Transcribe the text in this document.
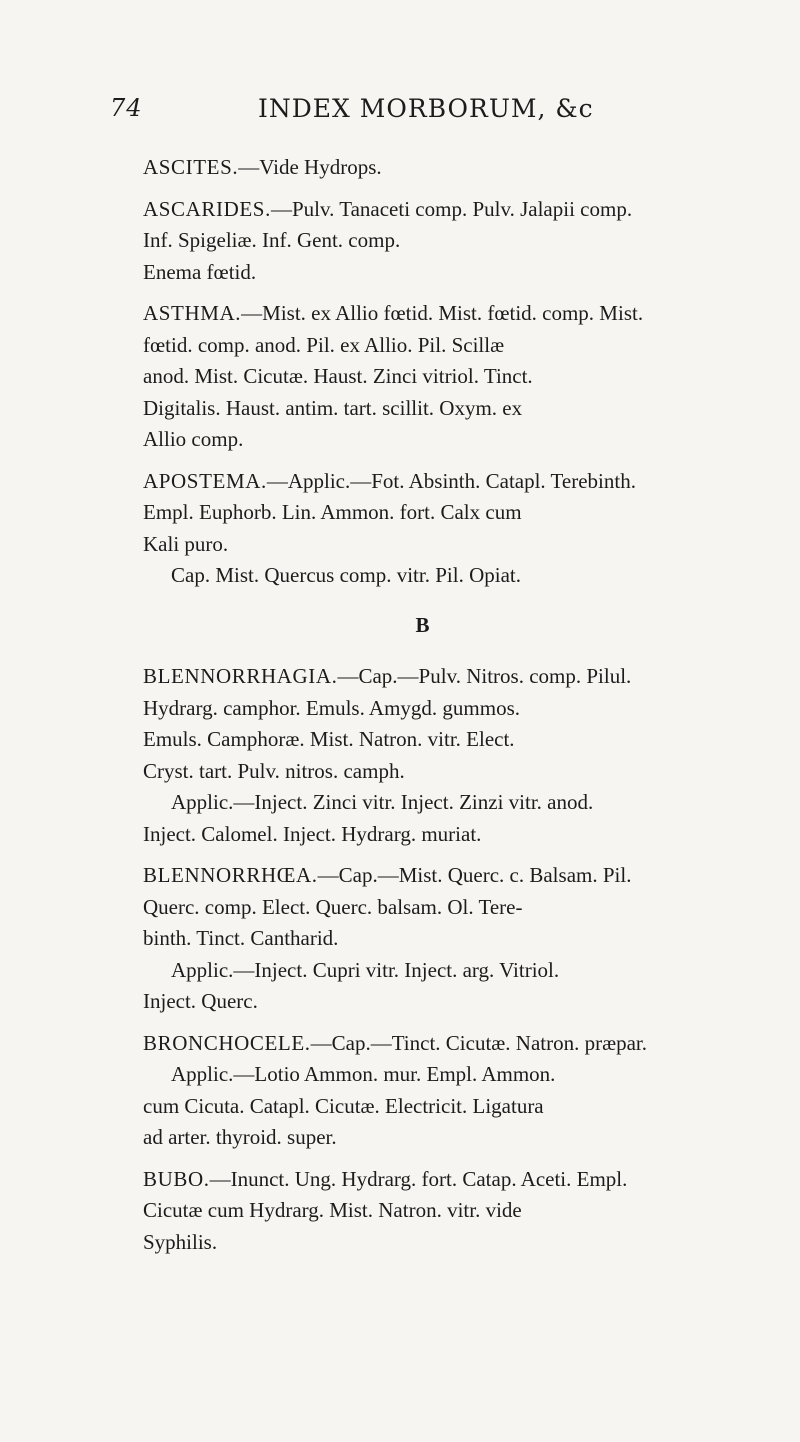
74	INDEX MORBORUM, &c
ASCITES.—Vide Hydrops.
ASCARIDES.—Pulv. Tanaceti comp. Pulv. Jalapii comp.
Inf. Spigeliæ. Inf. Gent. comp.
Enema fœtid.
ASTHMA.—Mist. ex Allio fœtid. Mist. fœtid. comp. Mist.
fœtid. comp. anod. Pil. ex Allio. Pil. Scillæ
anod. Mist. Cicutæ. Haust. Zinci vitriol. Tinct.
Digitalis. Haust. antim. tart. scillit. Oxym. ex
Allio comp.
APOSTEMA.—Applic.—Fot. Absinth. Catapl. Terebinth.
Empl. Euphorb. Lin. Ammon. fort. Calx cum
Kali puro.
Cap. Mist. Quercus comp. vitr. Pil. Opiat.
B
BLENNORRHAGIA.—Cap.—Pulv. Nitros. comp. Pilul.
Hydrarg. camphor. Emuls. Amygd. gummos.
Emuls. Camphoræ. Mist. Natron. vitr. Elect.
Cryst. tart. Pulv. nitros. camph.
Applic.—Inject. Zinci vitr. Inject. Zinzi vitr. anod.
Inject. Calomel. Inject. Hydrarg. muriat.
BLENNORRHŒA.—Cap.—Mist. Querc. c. Balsam. Pil.
Querc. comp. Elect. Querc. balsam. Ol. Tere-
binth. Tinct. Cantharid.
Applic.—Inject. Cupri vitr. Inject. arg. Vitriol.
Inject. Querc.
BRONCHOCELE.—Cap.—Tinct. Cicutæ. Natron. præpar.
Applic.—Lotio Ammon. mur. Empl. Ammon.
cum Cicuta. Catapl. Cicutæ. Electricit. Ligatura
ad arter. thyroid. super.
BUBO.—Inunct. Ung. Hydrarg. fort. Catap. Aceti. Empl.
Cicutæ cum Hydrarg. Mist. Natron. vitr. vide
Syphilis.
